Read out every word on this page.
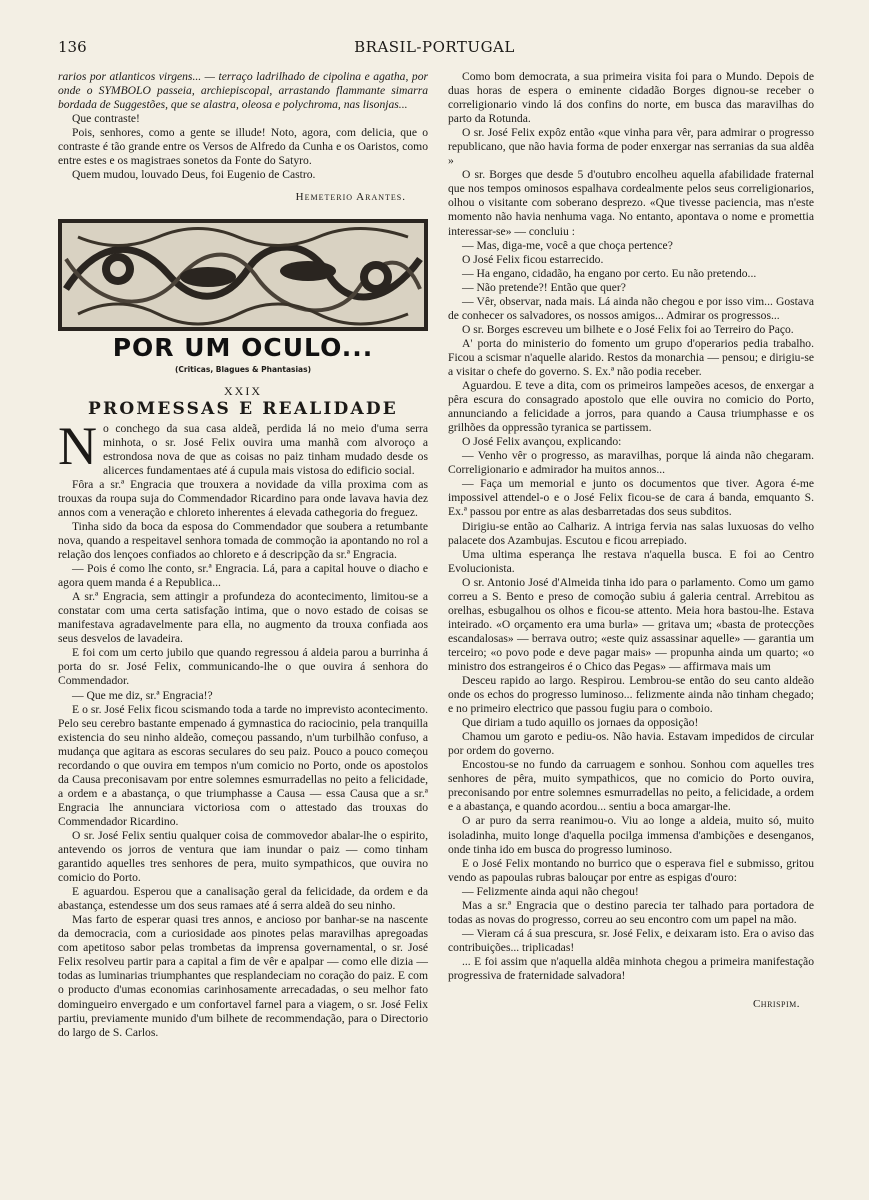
136	BRASIL-PORTUGAL

rarios por atlanticos virgens... — terraço ladrilhado de cipolina e agatha, por onde o SYMBOLO passeia, archiepiscopal, arrastando flammante simarra bordada de Suggestões, que se alastra, oleosa e polychroma, nas lisonjas...

Que contraste!

Pois, senhores, como a gente se illude! Noto, agora, com delicia, que o contraste é tão grande entre os Versos de Alfredo da Cunha e os Oaristos, como entre estes e os magistraes sonetos da Fonte do Satyro.

Quem mudou, louvado Deus, foi Eugenio de Castro.

Hemeterio Arantes.

POR UM OCULO...
(Criticas, Blagues & Phantasias)
XXIX
PROMESSAS E REALIDADE

No conchego da sua casa aldeã, perdida lá no meio d'uma serra minhota, o sr. José Felix ouvira uma manhã com alvoroço a estrondosa nova de que as coisas no paiz tinham mudado desde os alicerces fundamentaes até á cupula mais vistosa do edificio social.

Fôra a sr.ª Engracia que trouxera a novidade da villa proxima com as trouxas da roupa suja do Commendador Ricardino para onde lavava havia dez annos com a veneração e chloreto inherentes á elevada cathegoria do freguez.

Tinha sido da boca da esposa do Commendador que soubera a retumbante nova, quando a respeitavel senhora tomada de commoção ia apontando no rol a relação dos lençoes confiados ao chloreto e á descripção da sr.ª Engracia.

— Pois é como lhe conto, sr.ª Engracia. Lá, para a capital houve o diacho e agora quem manda é a Republica...

A sr.ª Engracia, sem attingir a profundeza do acontecimento, limitou-se a constatar com uma certa satisfação intima, que o novo estado de coisas se manifestava agradavelmente para ella, no augmento da trouxa confiada aos seus desvelos de lavadeira.

E foi com um certo jubilo que quando regressou á aldeia parou a burrinha á porta do sr. José Felix, communicando-lhe o que ouvira á senhora do Commendador.

— Que me diz, sr.ª Engracia!?

E o sr. José Felix ficou scismando toda a tarde no imprevisto acontecimento. Pelo seu cerebro bastante empenado á gymnastica do raciocinio, pela tranquilla existencia do seu ninho aldeão, começou passando, n'um turbilhão confuso, a mudança que agitara as escoras seculares do seu paiz. Pouco a pouco começou recordando o que ouvira em tempos n'um comicio no Porto, onde os apostolos da Causa preconisavam por entre solemnes esmurradellas no peito a felicidade, a ordem e a abastança, o que triumphasse a Causa — essa Causa que a sr.ª Engracia lhe annunciara victoriosa com o attestado das trouxas do Commendador Ricardino.

O sr. José Felix sentiu qualquer coisa de commovedor abalar-lhe o espirito, antevendo os jorros de ventura que iam inundar o paiz — como tinham garantido aquelles tres senhores de pera, muito sympathicos, que ouvira no comicio do Porto.

E aguardou. Esperou que a canalisação geral da felicidade, da ordem e da abastança, estendesse um dos seus ramaes até á serra aldeã do seu ninho.

Mas farto de esperar quasi tres annos, e ancioso por banhar-se na nascente da democracia, com a curiosidade aos pinotes pelas maravilhas apregoadas com apetitoso sabor pelas trombetas da imprensa governamental, o sr. José Felix resolveu partir para a capital a fim de vêr e apalpar — como elle dizia — todas as luminarias triumphantes que resplandeciam no coração do paiz. E com o producto d'umas economias carinhosamente arrecadadas, o seu melhor fato domingueiro envergado e um confortavel farnel para a viagem, o sr. José Felix partiu, previamente munido d'um bilhete de recommendação, para o Directorio do largo de S. Carlos.

Como bom democrata, a sua primeira visita foi para o Mundo. Depois de duas horas de espera o eminente cidadão Borges dignou-se receber o correligionario vindo lá dos confins do norte, em busca das maravilhas do parto da Rotunda.

O sr. José Felix expôz então «que vinha para vêr, para admirar o progresso republicano, que não havia forma de poder enxergar nas serranias da sua aldêa »

O sr. Borges que desde 5 d'outubro encolheu aquella afabilidade fraternal que nos tempos ominosos espalhava cordealmente pelos seus correligionarios, olhou o visitante com soberano desprezo. «Que tivesse paciencia, mas n'este momento não havia nenhuma vaga. No entanto, apontava o nome e promettia interessar-se» — concluiu :

— Mas, diga-me, você a que choça pertence?

O José Felix ficou estarrecido.

— Ha engano, cidadão, ha engano por certo. Eu não pretendo...

— Não pretende?! Então que quer?

— Vêr, observar, nada mais. Lá ainda não chegou e por isso vim... Gostava de conhecer os salvadores, os nossos amigos... Admirar os progressos...

O sr. Borges escreveu um bilhete e o José Felix foi ao Terreiro do Paço.

A' porta do ministerio do fomento um grupo d'operarios pedia trabalho. Ficou a scismar n'aquelle alarido. Restos da monarchia — pensou; e dirigiu-se a visitar o chefe do governo. S. Ex.ª não podia receber.

Aguardou. E teve a dita, com os primeiros lampeões acesos, de enxergar a pêra escura do consagrado apostolo que elle ouvira no comicio do Porto, annunciando a felicidade a jorros, para quando a Causa triumphasse e os grilhões da oppressão tyranica se partissem.

O José Felix avançou, explicando:

— Venho vêr o progresso, as maravilhas, porque lá ainda não chegaram. Correligionario e admirador ha muitos annos...

— Faça um memorial e junto os documentos que tiver. Agora é-me impossivel attendel-o e o José Felix ficou-se de cara á banda, emquanto S. Ex.ª passou por entre as alas desbarretadas dos seus subditos.

Dirigiu-se então ao Calhariz. A intriga fervia nas salas luxuosas do velho palacete dos Azambujas. Escutou e ficou arrepiado.

Uma ultima esperança lhe restava n'aquella busca. E foi ao Centro Evolucionista.

O sr. Antonio José d'Almeida tinha ido para o parlamento. Como um gamo correu a S. Bento e preso de comoção subiu á galeria central. Arrebitou as orelhas, esbugalhou os olhos e ficou-se attento. Meia hora bastou-lhe. Estava inteirado. «O orçamento era uma burla» — gritava um; «basta de protecções escandalosas» — berrava outro; «este quiz assassinar aquelle» — garantia um terceiro; «o povo pode e deve pagar mais» — propunha ainda um quarto; «o ministro dos estrangeiros é o Chico das Pegas» — affirmava mais um

Desceu rapido ao largo. Respirou. Lembrou-se então do seu canto aldeão onde os echos do progresso luminoso... felizmente ainda não tinham chegado; e no primeiro electrico que passou fugiu para o comboio.

Que diriam a tudo aquillo os jornaes da opposição!

Chamou um garoto e pediu-os. Não havia. Estavam impedidos de circular por ordem do governo.

Encostou-se no fundo da carruagem e sonhou. Sonhou com aquelles tres senhores de pêra, muito sympathicos, que no comicio do Porto ouvira, preconisando por entre solemnes esmurradellas no peito, a felicidade, a ordem e a abastança, e quando acordou... sentiu a boca amargar-lhe.

O ar puro da serra reanimou-o. Viu ao longe a aldeia, muito só, muito isoladinha, muito longe d'aquella pocilga immensa d'ambições e desenganos, onde tinha ido em busca do progresso luminoso.

E o José Felix montando no burrico que o esperava fiel e submisso, gritou vendo as papoulas rubras balouçar por entre as espigas d'ouro:

— Felizmente ainda aqui não chegou!

Mas a sr.ª Engracia que o destino parecia ter talhado para portadora de todas as novas do progresso, correu ao seu encontro com um papel na mão.

— Vieram cá á sua prescura, sr. José Felix, e deixaram isto. Era o aviso das contribuições... triplicadas!

... E foi assim que n'aquella aldêa minhota chegou a primeira manifestação progressiva de fraternidade salvadora!

Chrispim.
